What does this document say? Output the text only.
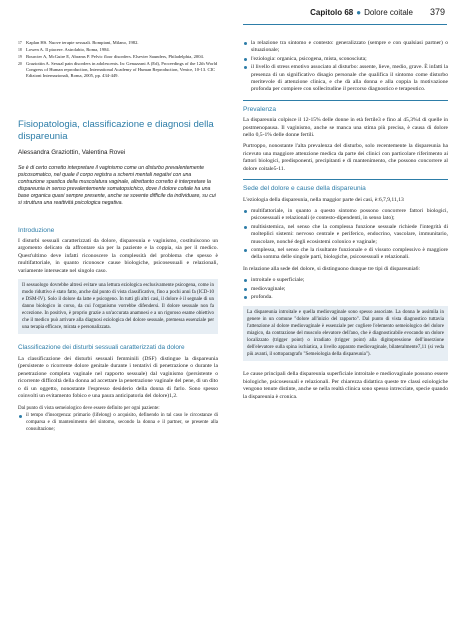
Capitolo 68 ● Dolore coitale 379
17 Kaplan HS. Nuove terapie sessuali. Bompiani, Milano, 1982.
18 Lowen A. Il piacere. Astrolabio, Roma, 1984.
19 Bourcier A, McGuire E, Abrams P. Pelvic floor disorders. Elsevier Saunders, Philadelphia, 2004.
20 Graziottin A. Sexual pain disorders in adolescents. In: Genazzani A (Ed), Proceedings of the 12th World Congress of Human reproduction, International Academy of Human Reproduction, Venice, 10-13. CIC Edizioni Internazionali, Roma, 2005, pp. 434-449.
Fisiopatologia, classificazione e diagnosi della dispareunia
Alessandra Graziottin, Valentina Rovei
Se è di certo corretto interpretare il vaginismo come un disturbo prevalentemente psicosomatico, nel quale il corpo registra a schemi mentali negativi con una contrazione spastica della muscolatura vaginale, altrettanto corretto è interpretare la dispareunia in senso prevalentemente somatopsichico, dove il dolore coitale ha una base organica quasi sempre presente, anche se sovente difficile da individuare, su cui si struttura una reattività psicologica negativa.
Introduzione

I disturbi sessuali caratterizzati da dolore, dispareunia e vaginismo, costituiscono un argomento delicato da affrontare sia per la paziente e la coppia, sia per il medico. Quest'ultimo deve infatti riconoscere la complessità del problema che spesso è multifattoriale, in quanto riconosce cause biologiche, psicosessuali e relazionali, variamente intersecate nel singolo caso.

Il sessuologo dovrebbe altresì evitare una lettura eziologica esclusivamente psicogena, come in modo riduttivo è stato fatto, anche dal punto di vista classificativo, fino a pochi anni fa (ICD-10 e DSM-IV). Solo il dolore da latte e psicogeno. In tutti gli altri casi, il dolore è il segnale di un danno biologico in corso, da cui l'organismo vorrebbe difendersi. Il dolore sessuale non fa eccezione. In positivo, è proprio grazie a un'accurata anamnesi e a un rigoroso esame obiettivo che il medico può arrivare alla diagnosi eziologica del dolore sessuale, premessa essenziale per una terapia efficace, mirata e personalizzata.
Classificazione dei disturbi sessuali caratterizzati da dolore

La classificazione dei disturbi sessuali femminili (DSF) distingue la dispareunia (persistente o ricorrente dolore genitale durante i tentativi di penetrazione o durante la penetrazione completa vaginale nel rapporto sessuale) dal vaginismo (persistente o ricorrente difficoltà della donna ad accettare la penetrazione vaginale del pene, di un dito o di un oggetto, nonostante l'espresso desiderio della donna di farlo. Sono spesso coinvolti un evitamento fobico e una paura anticipatoria del dolore)1,2.

Dal punto di vista semeiologico deve essere definito per ogni paziente:
il tempo d'insorgenza: primario (lifelong) o acquisito, definendo in tal caso le circostanze di comparsa e di mantenimento del sintomo, secondo la donna e il partner, se presente alla consultazione;
la relazione tra sintomo e contesto: generalizzato (sempre e con qualsiasi partner) o situazionale;
l'eziologia: organica, psicogena, mista, sconosciuta;
il livello di stress emotivo associato al disturbo: assente, lieve, medio, grave. È infatti la presenza di un significativo disagio personale che qualifica il sintomo come disturbo meritevole di attenzione clinica, e che dà alla donna e alla coppia la motivazione profonda per compiere con sollecitudine il percorso diagnostico e terapeutico.
Prevalenza

La dispareunia colpisce il 12-15% delle donne in età fertile3 e fino al 45,3%4 di quelle in postmenopausa. Il vaginismo, anche se manca una stima più precisa, è causa di dolore nello 0,5-1% delle donne fertili.

Purtroppo, nonostante l'alta prevalenza del disturbo, solo recentemente la dispareunia ha ricevuto una maggiore attenzione medica da parte dei clinici con particolare riferimento ai fattori biologici, predisponenti, precipitanti e di mantenimento, che possono concorrere al dolore coitale5-11.

Sede del dolore e cause della dispareunia

L'eziologia della dispareunia, nella maggior parte dei casi, è:6,7,9,11,13

multifattoriale, in quanto a questo sintomo possono concorrere fattori biologici, psicosessuali e relazionali (e contesto-dipendenti, in senso lato);
multisistemica, nel senso che la complessa funzione sessuale richiede l'integrità di molteplici sistemi: nervoso centrale e periferico, endocrino, vascolare, immunitario, muscolare, nonché degli ecosistemi colonico e vaginale;
complessa, nel senso che la risultante funzionale e di vissuto complessivo è maggiore della somma delle singole parti, biologiche, psicosessuali e relazionali.

In relazione alla sede del dolore, si distinguono dunque tre tipi di dispareunia6:

introitale o superficiale;
mediovaginale;
profonda.
La dispareunia introitale e quella mediovaginale sono spesso associate. La donna le assimila in genere in un comune "dolore all'inizio del rapporto". Dal punto di vista diagnostico tuttavia l'attenzione al dolore mediovaginale è essenziale per cogliere l'elemento semeiologico del dolore miagico, da contrazione del muscolo elevatore dell'ano, che è diagnosticabile evocando un dolore localizzato (trigger point) o irradiato (trigger point) alla digitopressione dell'inserzione dell'elevatore sulla spina ischiatica, a livello apparato mediovaginale, bilateralmente7,11 (si veda più avanti, il sottoparagrafo "Semeiologia della dispareunia").

Le cause principali della dispareunia superficiale introitale e mediovaginale possono essere biologiche, psicosessuali e relazionali. Per chiarezza didattica queste tre classi eziologiche vengono tenute distinte, anche se nella realtà clinica sono spesso intrecciate, specie quando la dispareunia è cronica.
